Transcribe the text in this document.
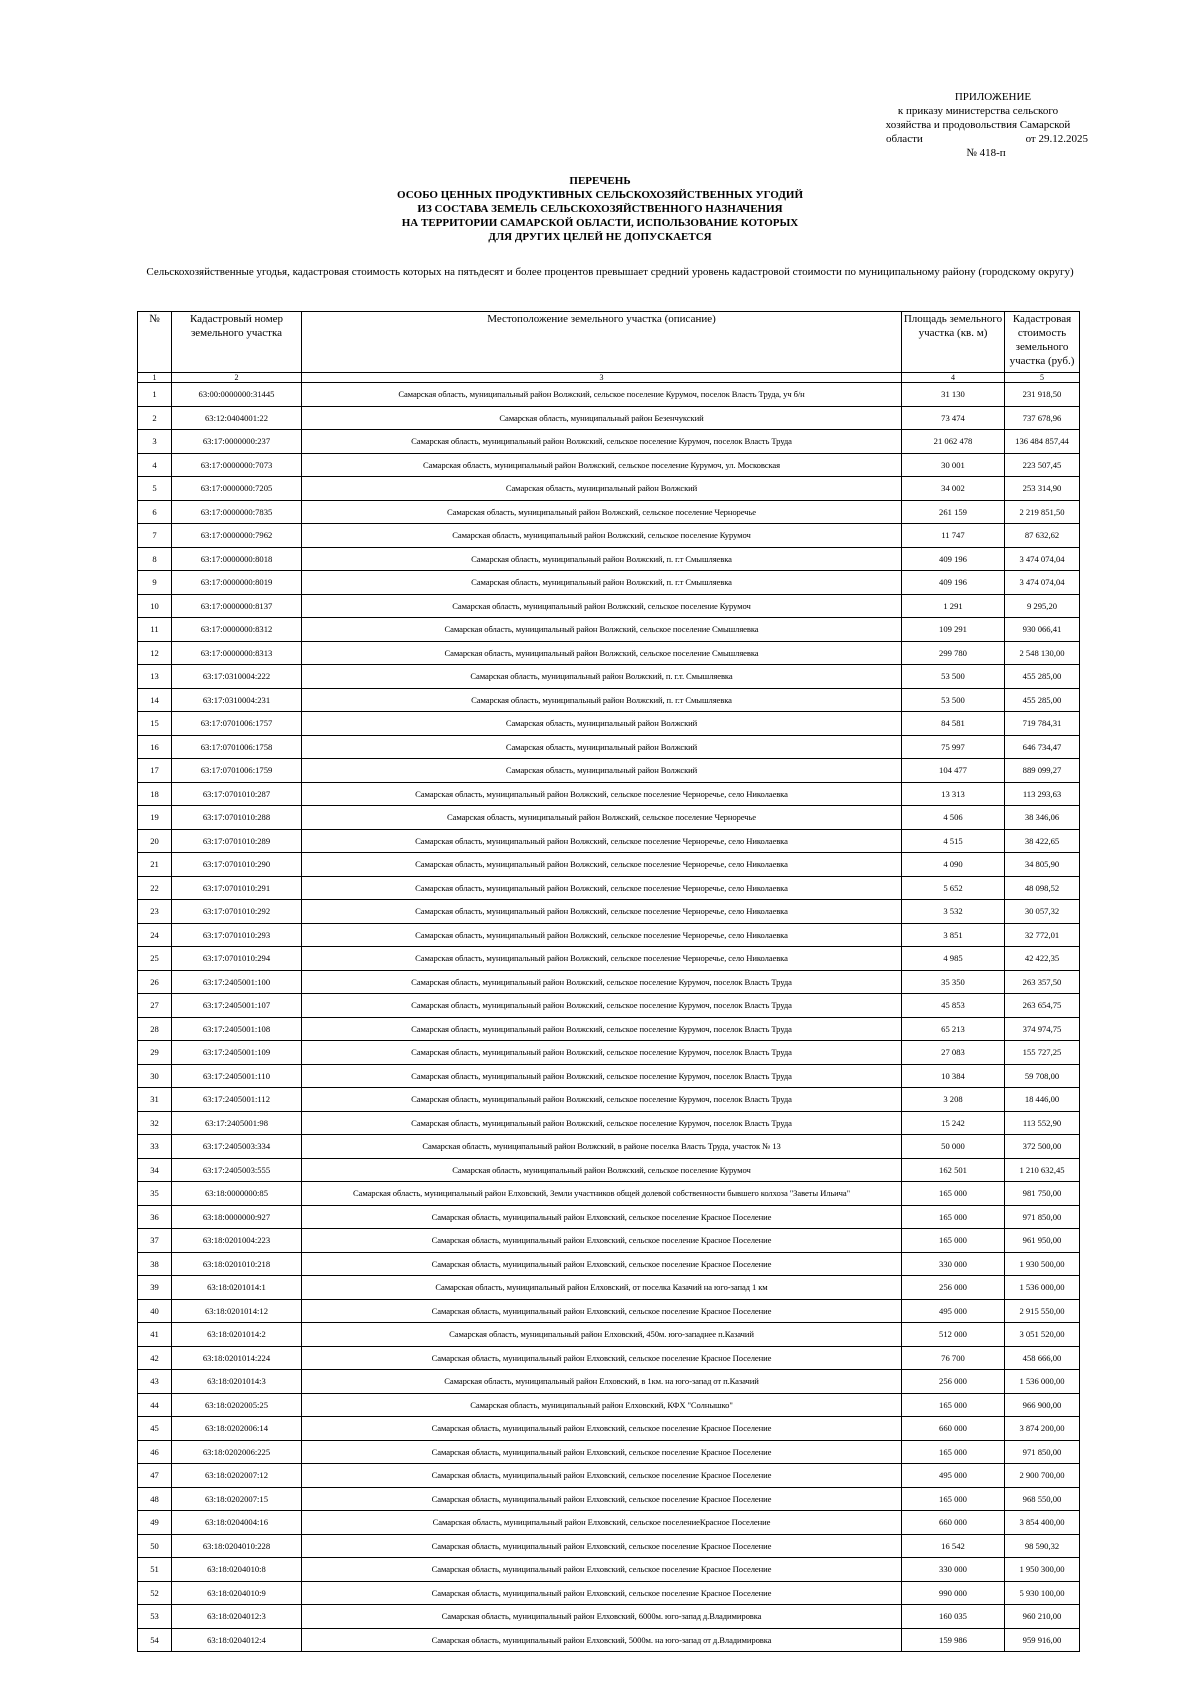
ПРИЛОЖЕНИЕ
к приказу министерства сельского
хозяйства и продовольствия Самарской
области	от 29.12.2025
№ 418-п
ПЕРЕЧЕНЬ
ОСОБО ЦЕННЫХ ПРОДУКТИВНЫХ СЕЛЬСКОХОЗЯЙСТВЕННЫХ УГОДИЙ
ИЗ СОСТАВА ЗЕМЕЛЬ СЕЛЬСКОХОЗЯЙСТВЕННОГО НАЗНАЧЕНИЯ
НА ТЕРРИТОРИИ САМАРСКОЙ ОБЛАСТИ, ИСПОЛЬЗОВАНИЕ КОТОРЫХ
ДЛЯ ДРУГИХ ЦЕЛЕЙ НЕ ДОПУСКАЕТСЯ
Сельскохозяйственные угодья, кадастровая стоимость которых на пятьдесят и более процентов превышает средний уровень кадастровой стоимости по муниципальному району (городскому округу)
№	Кадастровый номер земельного участка	Местоположение земельного участка (описание)	Площадь земельного участка (кв. м)	Кадастровая стоимость земельного участка (руб.)
1	2	3	4	5
1	63:00:0000000:31445	Самарская область, муниципальный район Волжский, сельское поселение Курумоч, поселок Власть Труда, уч б/н	31 130	231 918,50
2	63:12:0404001:22	Самарская область, муниципальный район Безенчукский	73 474	737 678,96
3	63:17:0000000:237	Самарская область, муниципальный район Волжский, сельское поселение Курумоч, поселок Власть Труда	21 062 478	136 484 857,44
4	63:17:0000000:7073	Самарская область, муниципальный район Волжский, сельское поселение Курумоч, ул. Московская	30 001	223 507,45
5	63:17:0000000:7205	Самарская область, муниципальный район Волжский	34 002	253 314,90
6	63:17:0000000:7835	Самарская область, муниципальный район Волжский, сельское поселение Черноречье	261 159	2 219 851,50
7	63:17:0000000:7962	Самарская область, муниципальный район Волжский, сельское поселение Курумоч	11 747	87 632,62
8	63:17:0000000:8018	Самарская область, муниципальный район Волжский, п. г.т Смышляевка	409 196	3 474 074,04
9	63:17:0000000:8019	Самарская область, муниципальный район Волжский, п. г.т Смышляевка	409 196	3 474 074,04
10	63:17:0000000:8137	Самарская область, муниципальный район Волжский, сельское поселение Курумоч	1 291	9 295,20
11	63:17:0000000:8312	Самарская область, муниципальный район Волжский, сельское поселение Смышляевка	109 291	930 066,41
12	63:17:0000000:8313	Самарская область, муниципальный район Волжский, сельское поселение Смышляевка	299 780	2 548 130,00
13	63:17:0310004:222	Самарская область, муниципальный район Волжский, п. г.т. Смышляевка	53 500	455 285,00
14	63:17:0310004:231	Самарская область, муниципальный район Волжский, п. г.т Смышляевка	53 500	455 285,00
15	63:17:0701006:1757	Самарская область, муниципальный район Волжский	84 581	719 784,31
16	63:17:0701006:1758	Самарская область, муниципальный район Волжский	75 997	646 734,47
17	63:17:0701006:1759	Самарская область, муниципальный район Волжский	104 477	889 099,27
18	63:17:0701010:287	Самарская область, муниципальный район Волжский, сельское поселение Черноречье, село Николаевка	13 313	113 293,63
19	63:17:0701010:288	Самарская область, муниципальный район Волжский, сельское поселение Черноречье	4 506	38 346,06
20	63:17:0701010:289	Самарская область, муниципальный район Волжский, сельское поселение Черноречье, село Николаевка	4 515	38 422,65
21	63:17:0701010:290	Самарская область, муниципальный район Волжский, сельское поселение Черноречье, село Николаевка	4 090	34 805,90
22	63:17:0701010:291	Самарская область, муниципальный район Волжский, сельское поселение Черноречье, село Николаевка	5 652	48 098,52
23	63:17:0701010:292	Самарская область, муниципальный район Волжский, сельское поселение Черноречье, село Николаевка	3 532	30 057,32
24	63:17:0701010:293	Самарская область, муниципальный район Волжский, сельское поселение Черноречье, село Николаевка	3 851	32 772,01
25	63:17:0701010:294	Самарская область, муниципальный район Волжский, сельское поселение Черноречье, село Николаевка	4 985	42 422,35
26	63:17:2405001:100	Самарская область, муниципальный район Волжский, сельское поселение Курумоч, поселок Власть Труда	35 350	263 357,50
27	63:17:2405001:107	Самарская область, муниципальный район Волжский, сельское поселение Курумоч, поселок Власть Труда	45 853	263 654,75
28	63:17:2405001:108	Самарская область, муниципальный район Волжский, сельское поселение Курумоч, поселок Власть Труда	65 213	374 974,75
29	63:17:2405001:109	Самарская область, муниципальный район Волжский, сельское поселение Курумоч, поселок Власть Труда	27 083	155 727,25
30	63:17:2405001:110	Самарская область, муниципальный район Волжский, сельское поселение Курумоч, поселок Власть Труда	10 384	59 708,00
31	63:17:2405001:112	Самарская область, муниципальный район Волжский, сельское поселение Курумоч, поселок Власть Труда	3 208	18 446,00
32	63:17:2405001:98	Самарская область, муниципальный район Волжский, сельское поселение Курумоч, поселок Власть Труда	15 242	113 552,90
33	63:17:2405003:334	Самарская область, муниципальный район Волжский, в районе поселка Власть Труда, участок № 13	50 000	372 500,00
34	63:17:2405003:555	Самарская область, муниципальный район Волжский, сельское поселение Курумоч	162 501	1 210 632,45
35	63:18:0000000:85	Самарская область, муниципальный район Елховский, Земли участников общей долевой собственности бывшего колхоза "Заветы Ильича"	165 000	981 750,00
36	63:18:0000000:927	Самарская область, муниципальный район Елховский, сельское поселение Красное Поселение	165 000	971 850,00
37	63:18:0201004:223	Самарская область, муниципальный район Елховский, сельское поселение Красное Поселение	165 000	961 950,00
38	63:18:0201010:218	Самарская область, муниципальный район Елховский, сельское поселение Красное Поселение	330 000	1 930 500,00
39	63:18:0201014:1	Самарская область, муниципальный район Елховский, от поселка Казачий на юго-запад 1 км	256 000	1 536 000,00
40	63:18:0201014:12	Самарская область, муниципальный район Елховский, сельское поселение Красное Поселение	495 000	2 915 550,00
41	63:18:0201014:2	Самарская область, муниципальный район Елховский, 450м. юго-западнее п.Казачий	512 000	3 051 520,00
42	63:18:0201014:224	Самарская область, муниципальный район Елховский, сельское поселение Красное Поселение	76 700	458 666,00
43	63:18:0201014:3	Самарская область, муниципальный район Елховский, в 1км. на юго-запад от п.Казачий	256 000	1 536 000,00
44	63:18:0202005:25	Самарская область, муниципальный район Елховский, КФХ "Солнышко"	165 000	966 900,00
45	63:18:0202006:14	Самарская область, муниципальный район Елховский, сельское поселение Красное Поселение	660 000	3 874 200,00
46	63:18:0202006:225	Самарская область, муниципальный район Елховский, сельское поселение Красное Поселение	165 000	971 850,00
47	63:18:0202007:12	Самарская область, муниципальный район Елховский, сельское поселение Красное Поселение	495 000	2 900 700,00
48	63:18:0202007:15	Самарская область, муниципальный район Елховский, сельское поселение Красное Поселение	165 000	968 550,00
49	63:18:0204004:16	Самарская область, муниципальный район Елховский, сельское поселениеКрасное Поселение	660 000	3 854 400,00
50	63:18:0204010:228	Самарская область, муниципальный район Елховский, сельское поселение Красное Поселение	16 542	98 590,32
51	63:18:0204010:8	Самарская область, муниципальный район Елховский, сельское поселение Красное Поселение	330 000	1 950 300,00
52	63:18:0204010:9	Самарская область, муниципальный район Елховский, сельское поселение Красное Поселение	990 000	5 930 100,00
53	63:18:0204012:3	Самарская область, муниципальный район Елховский, 6000м. юго-запад д.Владимировка	160 035	960 210,00
54	63:18:0204012:4	Самарская область, муниципальный район Елховский, 5000м. на юго-запад от д.Владимировка	159 986	959 916,00
